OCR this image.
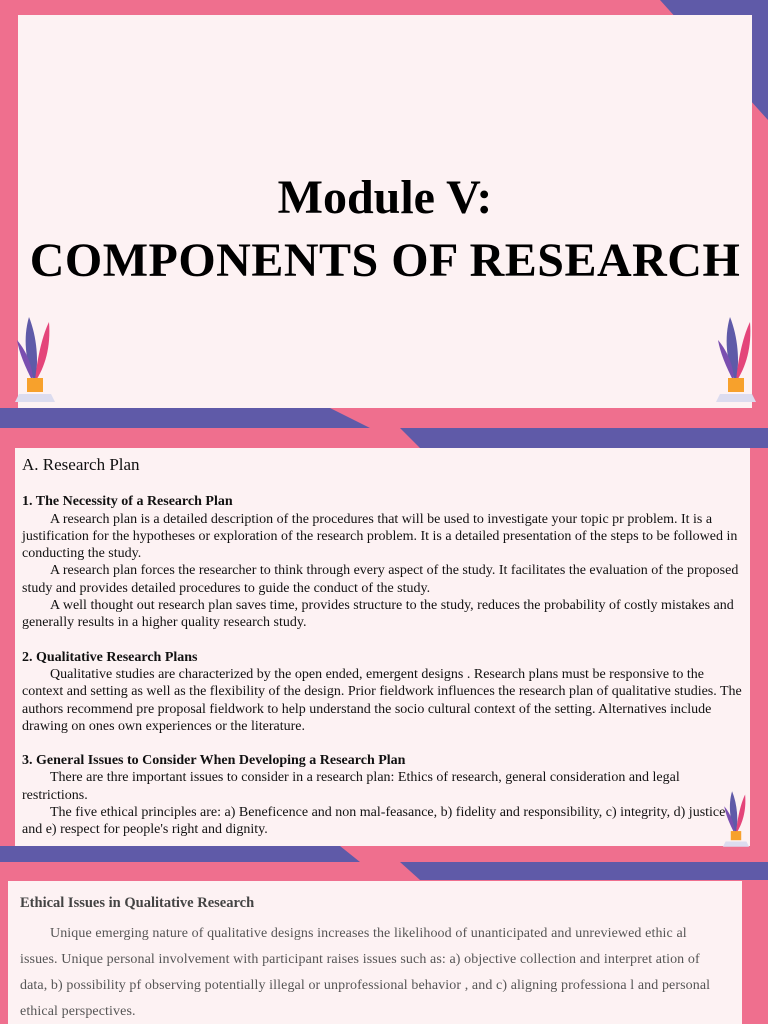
Module V:
COMPONENTS OF RESEARCH

A. Research Plan

1. The Necessity of a Research Plan

A research plan is a detailed description of the procedures that will be used to investigate your topic pr problem. It is a justification for the hypotheses or exploration of the research problem. It is a detailed presentation of the steps to be followed in conducting the study.

A research plan forces the researcher to think through every aspect of the study. It facilitates the evaluation of the proposed study and provides detailed procedures to guide the conduct of the study.

A well thought out research plan saves time, provides structure to the study, reduces the probability of costly mistakes and generally results in a higher quality research study.

2. Qualitative Research Plans

Qualitative studies are characterized by the open ended, emergent designs . Research plans must be responsive to the context and setting as well as the flexibility of the design. Prior fieldwork influences the research plan of qualitative studies. The authors recommend pre proposal fieldwork to help understand the socio cultural context of the setting. Alternatives include drawing on ones own experiences or the literature.

3. General Issues to Consider When Developing a Research Plan

There are thre important issues to consider in a research plan: Ethics of research, general consideration and legal restrictions.

The five ethical principles are: a) Beneficence and non mal-feasance, b) fidelity and responsibility, c) integrity, d) justice and e) respect for people's right and dignity.

Ethical Issues in Qualitative Research

Unique emerging nature of qualitative designs increases the likelihood of unanticipated and unreviewed ethic al issues. Unique personal involvement with participant raises issues such as: a) objective collection and interpret ation of data, b) possibility pf observing potentially illegal or unprofessional behavior , and c) aligning professiona l and personal ethical perspectives.
